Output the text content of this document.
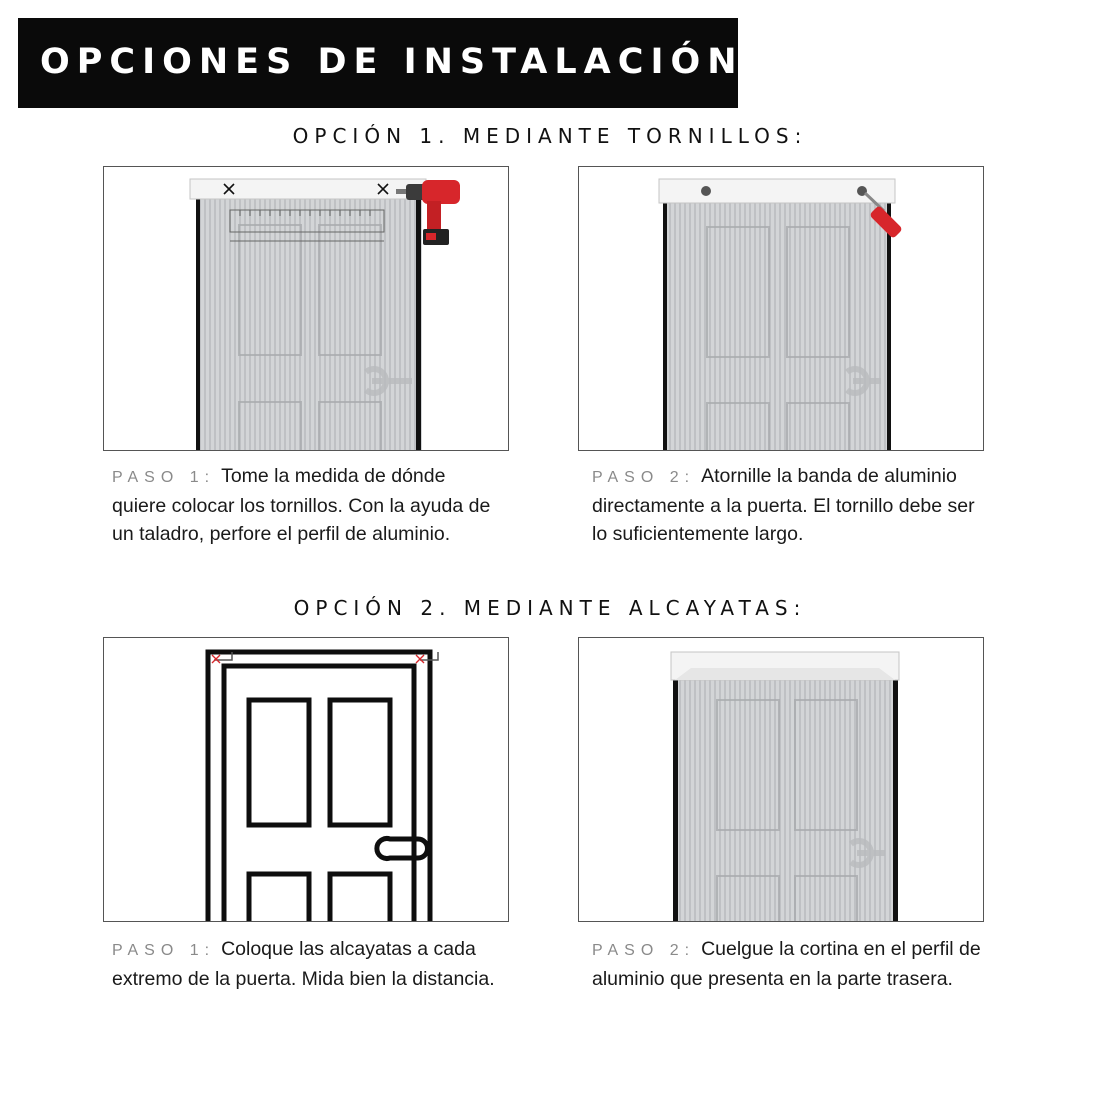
OPCIONES DE INSTALACIÓN
OPCIÓN 1. MEDIANTE TORNILLOS:

PASO 1: Tome la medida de dónde quiere colocar los tornillos. Con la ayuda de un taladro, perfore el perfil de aluminio.

PASO 2: Atornille la banda de aluminio directamente a la puerta. El tornillo debe ser lo suficientemente largo.

OPCIÓN 2. MEDIANTE ALCAYATAS:

PASO 1: Coloque las alcayatas a cada extremo de la puerta. Mida bien la distancia.

PASO 2: Cuelgue la cortina en el perfil de aluminio que presenta en la parte trasera.
